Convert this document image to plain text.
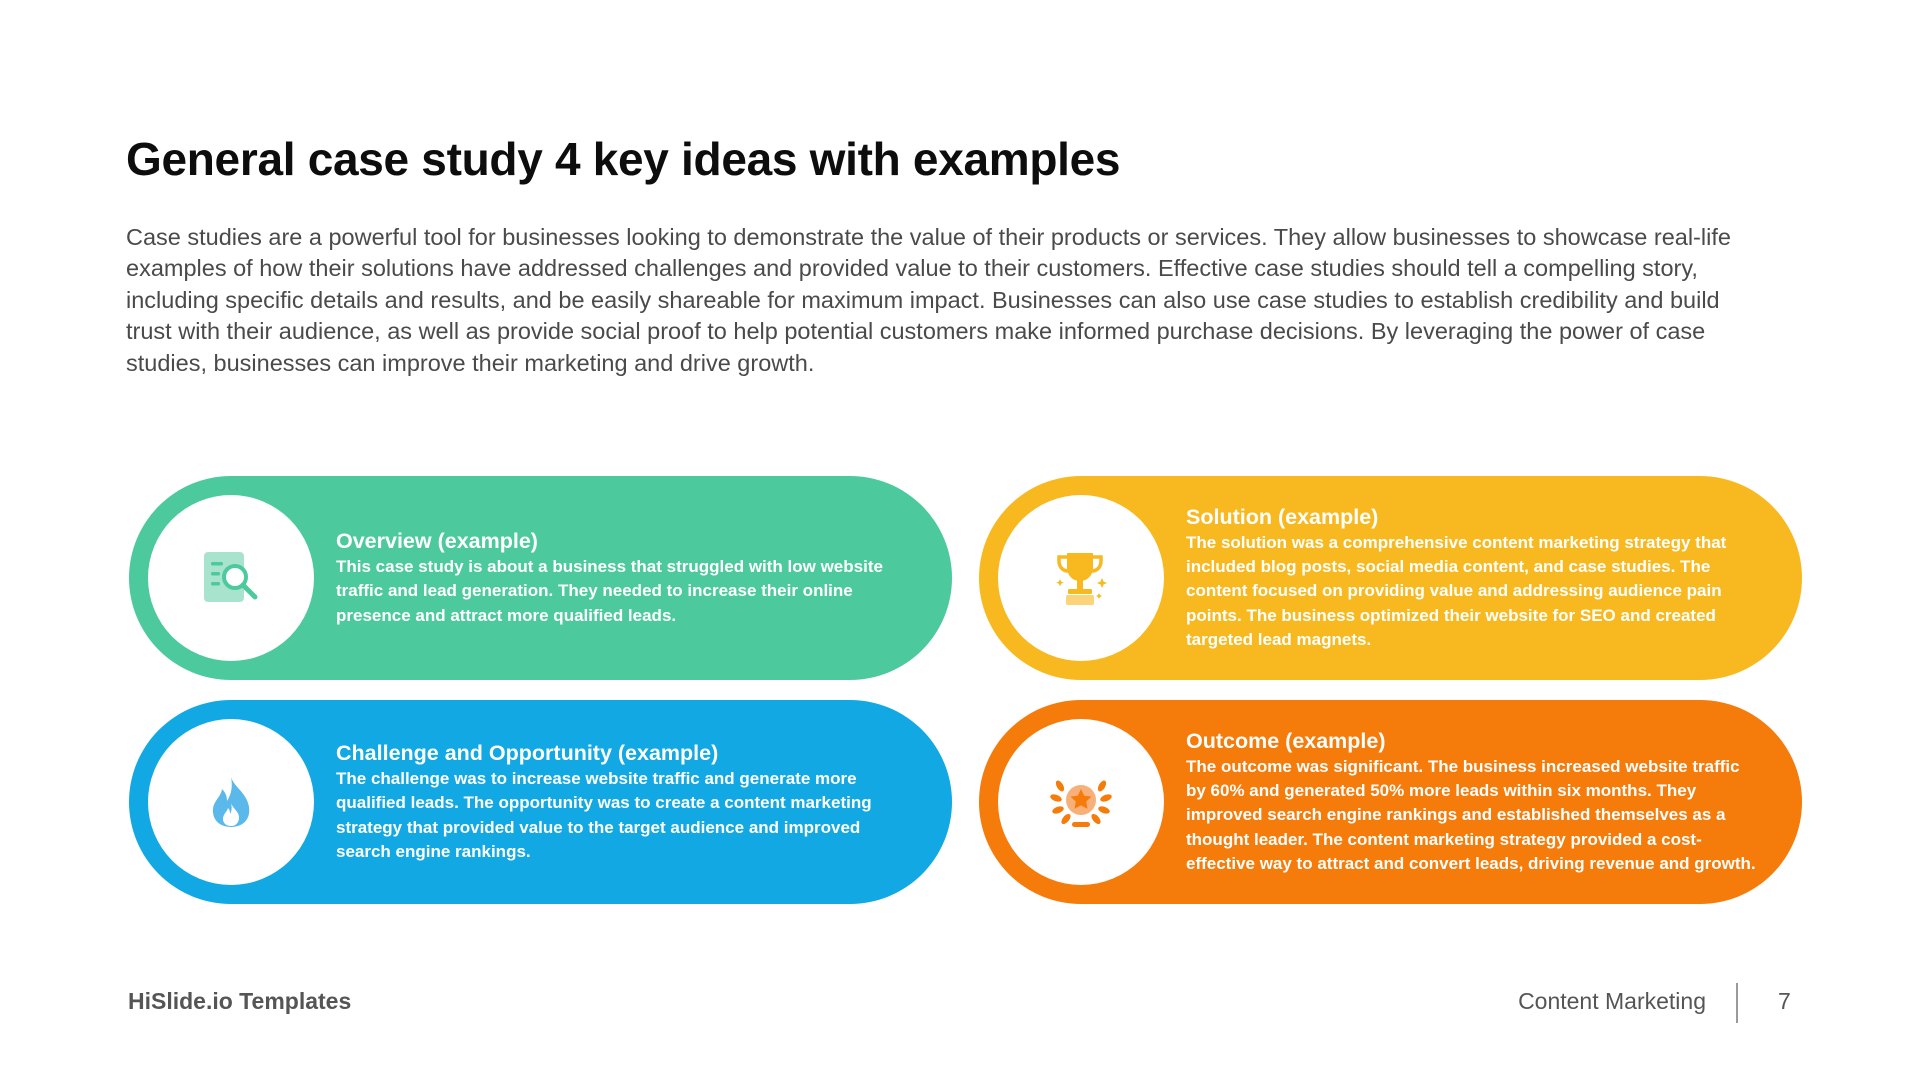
General case study 4 key ideas with examples

Case studies are a powerful tool for businesses looking to demonstrate the value of their products or services. They allow businesses to showcase real-life examples of how their solutions have addressed challenges and provided value to their customers. Effective case studies should tell a compelling story, including specific details and results, and be easily shareable for maximum impact. Businesses can also use case studies to establish credibility and build trust with their audience, as well as provide social proof to help potential customers make informed purchase decisions. By leveraging the power of case studies, businesses can improve their marketing and drive growth.

Overview (example)

This case study is about a business that struggled with low website traffic and lead generation. They needed to increase their online presence and attract more qualified leads.

Solution (example)

The solution was a comprehensive content marketing strategy that included blog posts, social media content, and case studies. The content focused on providing value and addressing audience pain points. The business optimized their website for SEO and created targeted lead magnets.

Challenge and Opportunity (example)

The challenge was to increase website traffic and generate more qualified leads. The opportunity was to create a content marketing strategy that provided value to the target audience and improved search engine rankings.

Outcome (example)

The outcome was significant. The business increased website traffic by 60% and generated 50% more leads within six months. They improved search engine rankings and established themselves as a thought leader. The content marketing strategy provided a cost-effective way to attract and convert leads, driving revenue and growth.

HiSlide.io Templates	Content Marketing	7
